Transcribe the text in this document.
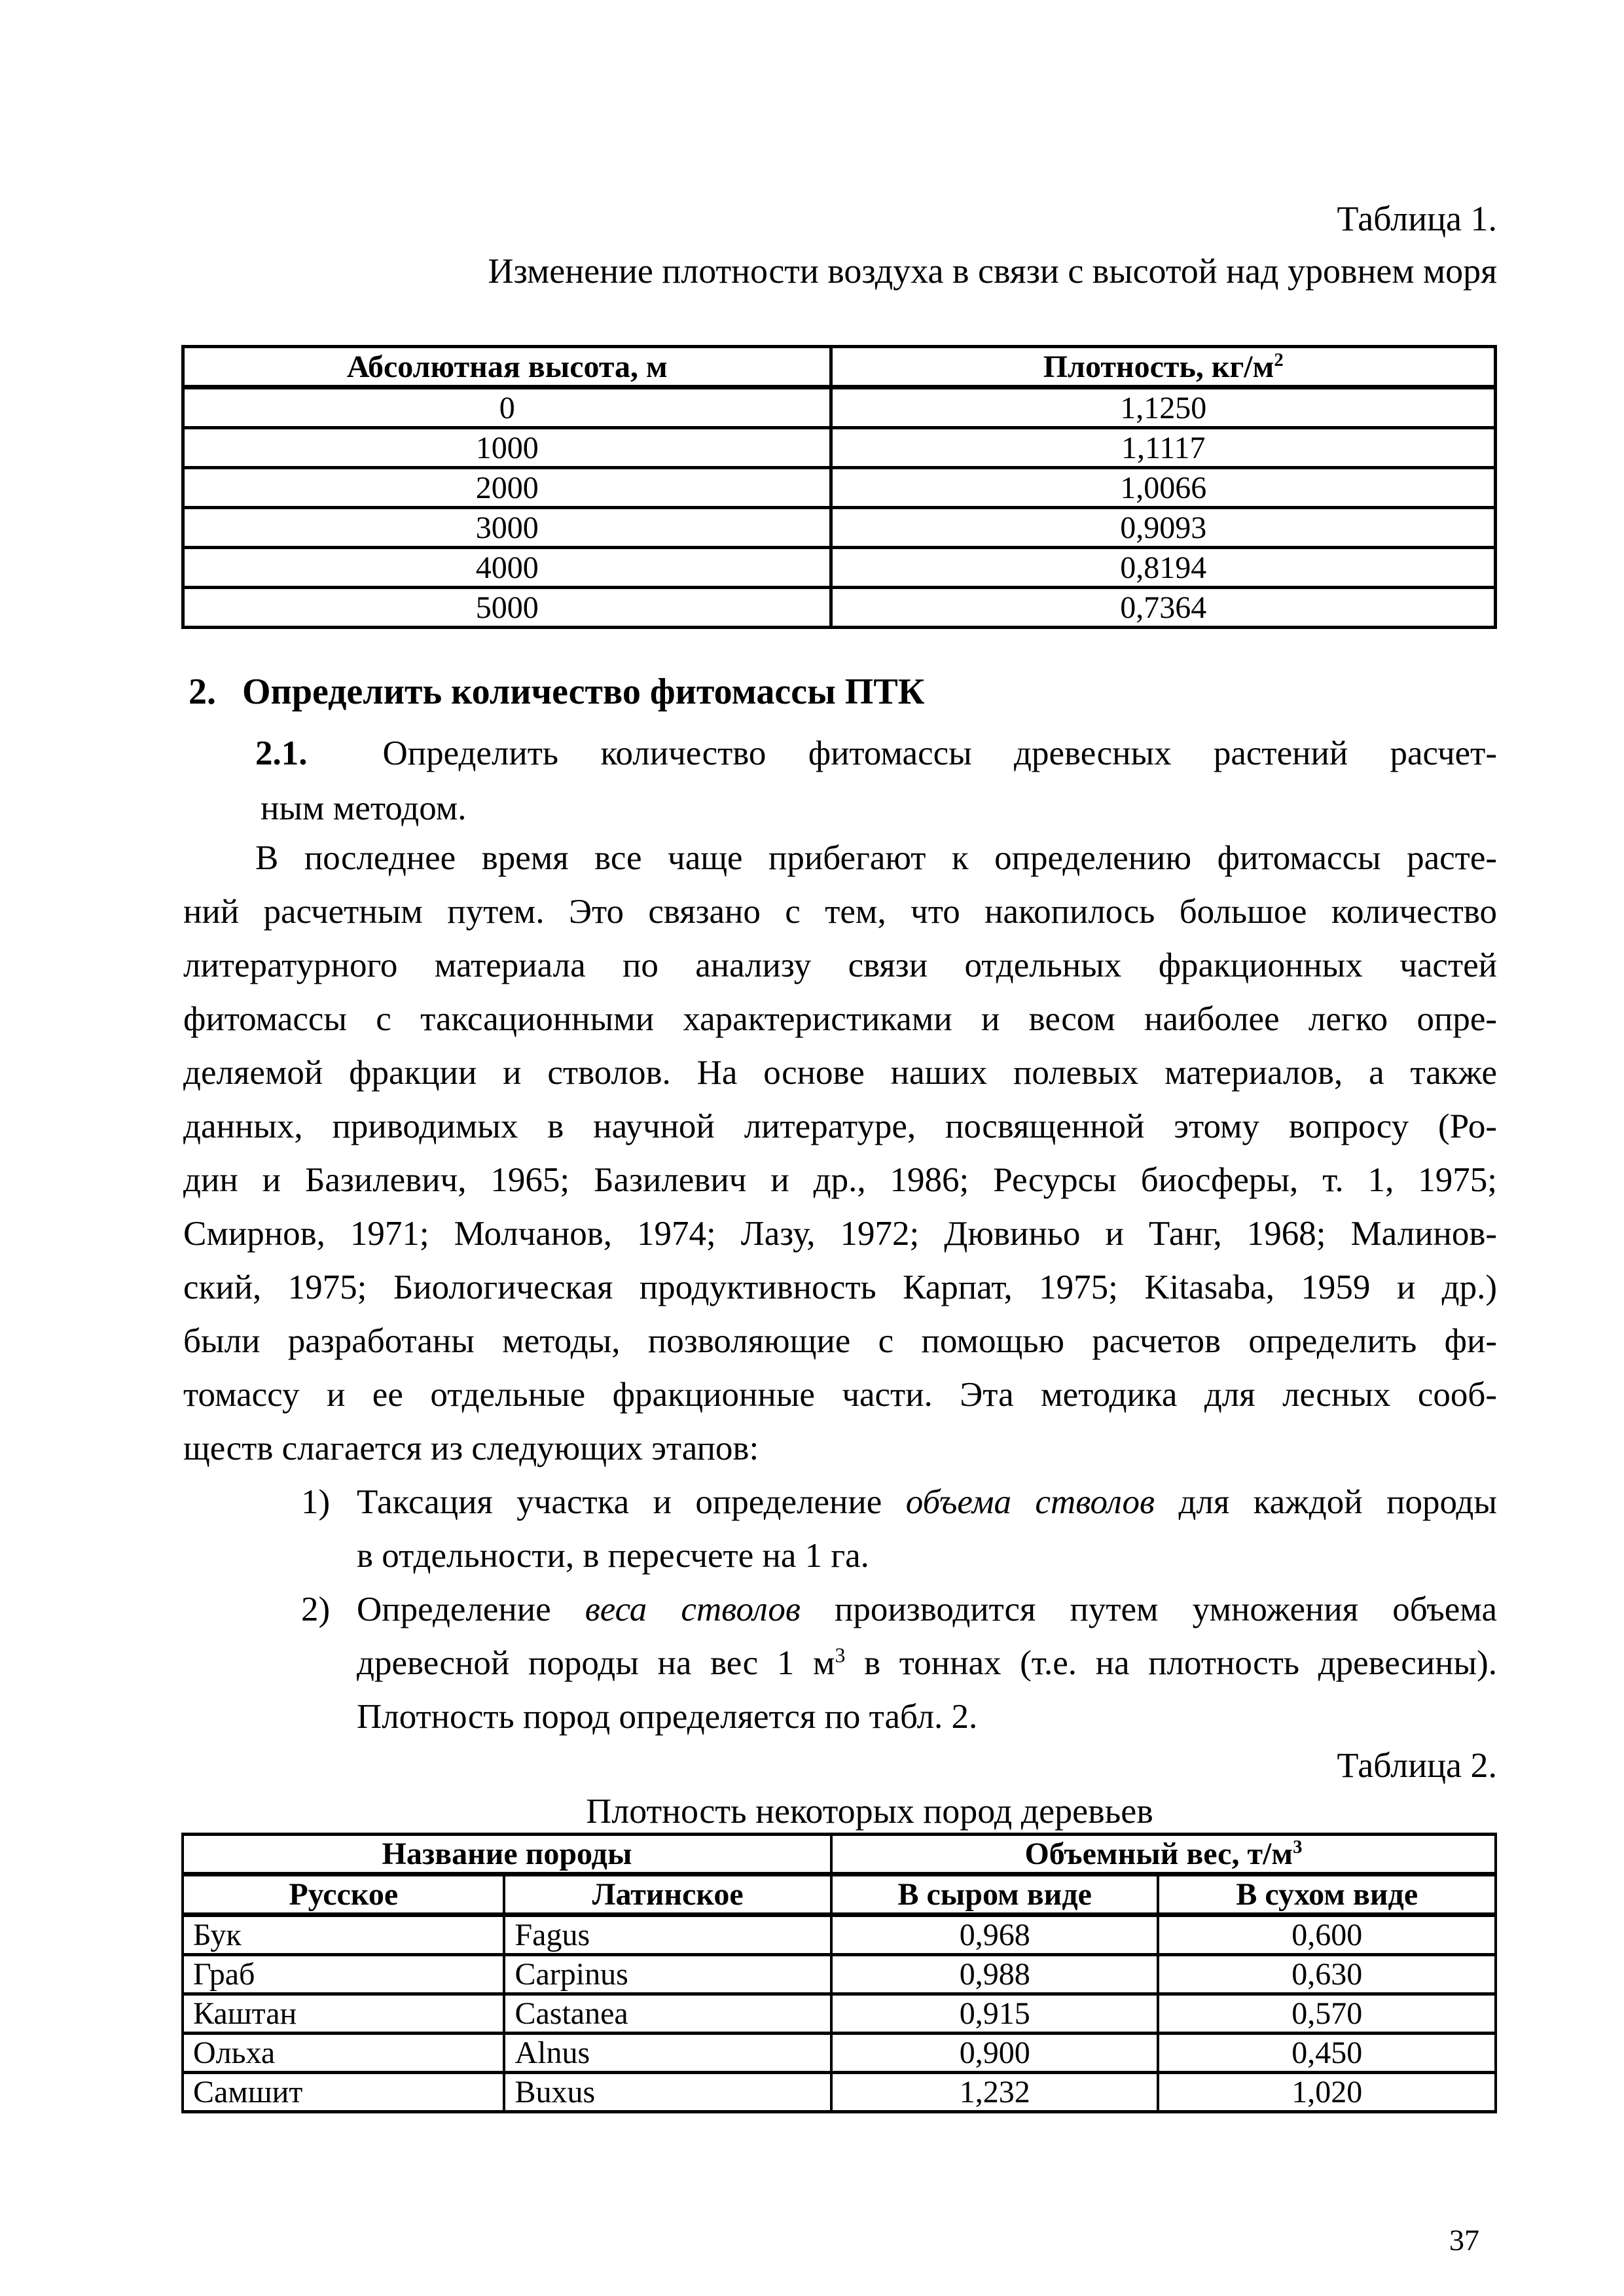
Таблица 1.
Изменение плотности воздуха в связи с высотой над уровнем моря
Абсолютная высота, м	Плотность, $кг/м^2$
0	1,1250
1000	1,1117
2000	1,0066
3000	0,9093
4000	0,8194
5000	0,7364
2. Определить количество фитомассы ПТК
2.1. Определить количество фитомассы древесных растений расчет-
ным методом.
В последнее время все чаще прибегают к определению фитомассы расте-
ний расчетным путем. Это связано с тем, что накопилось большое количество
литературного материала по анализу связи отдельных фракционных частей
фитомассы с таксационными характеристиками и весом наиболее легко опре-
деляемой фракции и стволов. На основе наших полевых материалов, а также
данных, приводимых в научной литературе, посвященной этому вопросу (Ро-
дин и Базилевич, 1965; Базилевич и др., 1986; Ресурсы биосферы, т. 1, 1975;
Смирнов, 1971; Молчанов, 1974; Лазу, 1972; Дювиньо и Танг, 1968; Малинов-
ский, 1975; Биологическая продуктивность Карпат, 1975; Kitasaba, 1959 и др.)
были разработаны методы, позволяющие с помощью расчетов определить фи-
томассу и ее отдельные фракционные части. Эта методика для лесных сооб-
ществ слагается из следующих этапов:
1) Таксация участка и определение объема стволов для каждой породы
в отдельности, в пересчете на 1 га.
2) Определение веса стволов производится путем умножения объема
древесной породы на вес 1 $м^3$ в тоннах (т.е. на плотность древесины).
Плотность пород определяется по табл. 2.
Таблица 2.
Плотность некоторых пород деревьев
Название породы		Объемный вес, $т/м^3$
Русское	Латинское	В сыром виде	В сухом виде
Бук	Fagus	0,968	0,600
Граб	Carpinus	0,988	0,630
Каштан	Castanea	0,915	0,570
Ольха	Alnus	0,900	0,450
Самшит	Buxus	1,232	1,020
37
